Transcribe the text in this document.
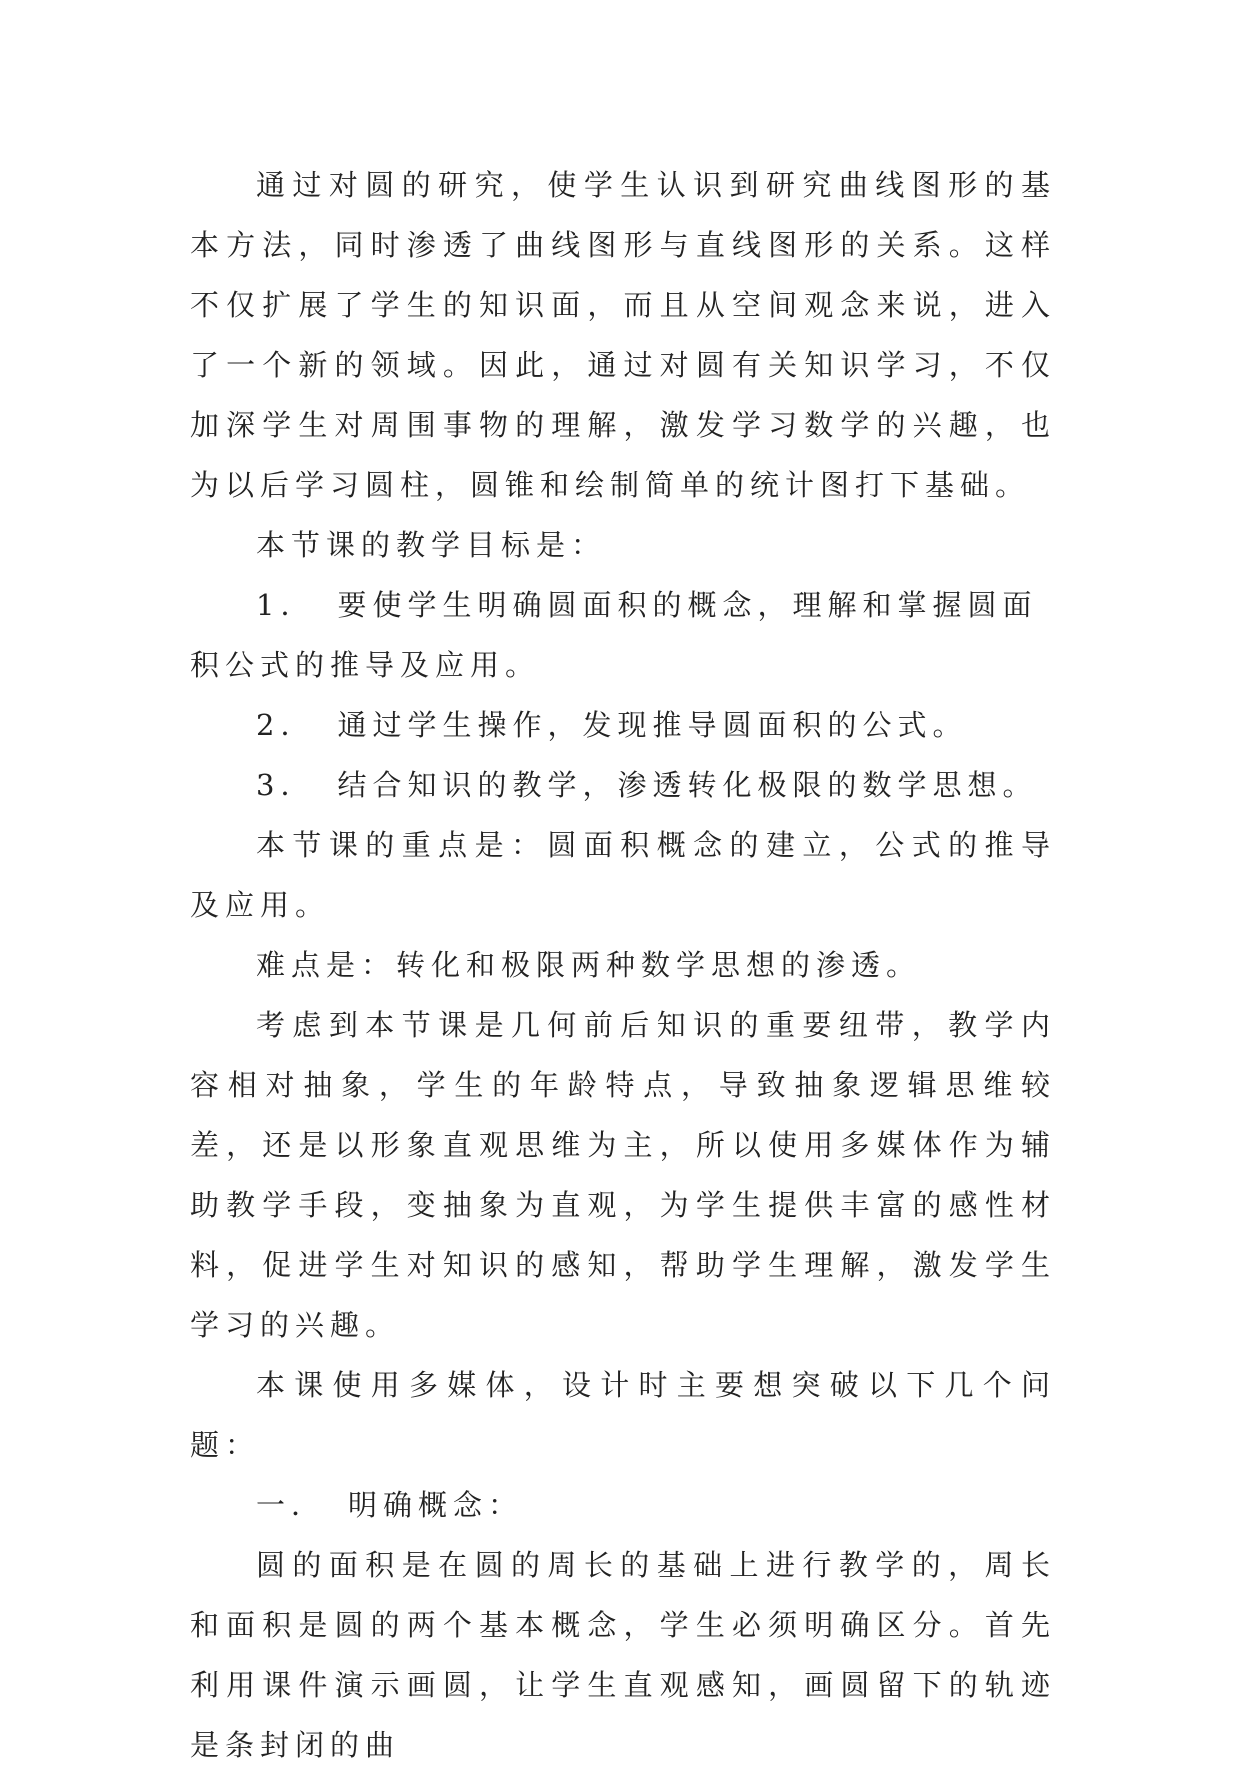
通过对圆的研究，使学生认识到研究曲线图形的基本方法，同时渗透了曲线图形与直线图形的关系。这样不仅扩展了学生的知识面，而且从空间观念来说，进入了一个新的领域。因此，通过对圆有关知识学习，不仅加深学生对周围事物的理解，激发学习数学的兴趣，也为以后学习圆柱，圆锥和绘制简单的统计图打下基础。

本节课的教学目标是：

1． 要使学生明确圆面积的概念，理解和掌握圆面积公式的推导及应用。

2． 通过学生操作，发现推导圆面积的公式。

3． 结合知识的教学，渗透转化极限的数学思想。

本节课的重点是：圆面积概念的建立，公式的推导及应用。

难点是：转化和极限两种数学思想的渗透。

考虑到本节课是几何前后知识的重要纽带，教学内容相对抽象，学生的年龄特点，导致抽象逻辑思维较差，还是以形象直观思维为主，所以使用多媒体作为辅助教学手段，变抽象为直观，为学生提供丰富的感性材料，促进学生对知识的感知，帮助学生理解，激发学生学习的兴趣。

本课使用多媒体，设计时主要想突破以下几个问题：

一． 明确概念：

圆的面积是在圆的周长的基础上进行教学的，周长和面积是圆的两个基本概念，学生必须明确区分。首先利用课件演示画圆，让学生直观感知，画圆留下的轨迹是条封闭的曲
